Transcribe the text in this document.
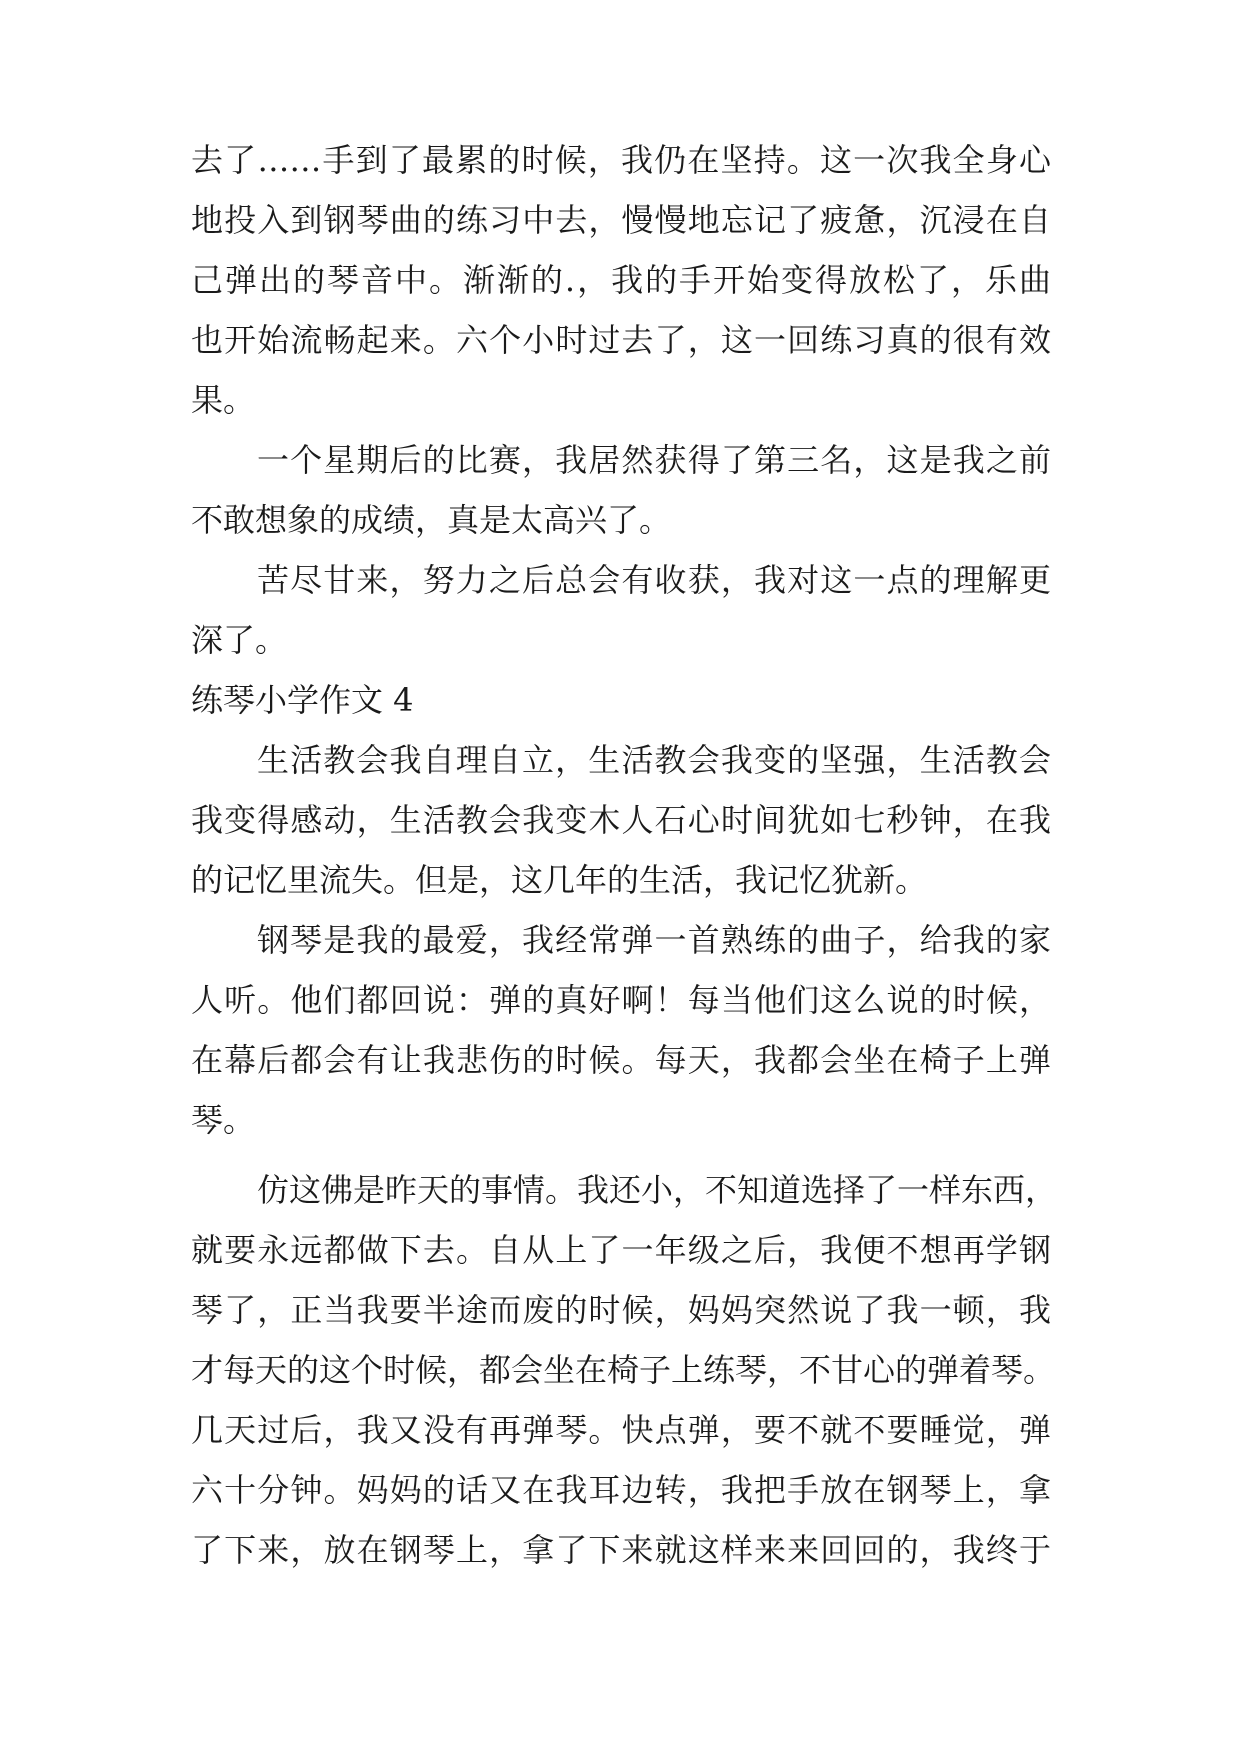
去了……手到了最累的时候，我仍在坚持。这一次我全身心
地投入到钢琴曲的练习中去，慢慢地忘记了疲惫，沉浸在自
己弹出的琴音中。渐渐的.，我的手开始变得放松了，乐曲
也开始流畅起来。六个小时过去了，这一回练习真的很有效
果。
一个星期后的比赛，我居然获得了第三名，这是我之前
不敢想象的成绩，真是太高兴了。
苦尽甘来，努力之后总会有收获，我对这一点的理解更
深了。
练琴小学作文 4
生活教会我自理自立，生活教会我变的坚强，生活教会
我变得感动，生活教会我变木人石心时间犹如七秒钟，在我
的记忆里流失。但是，这几年的生活，我记忆犹新。
钢琴是我的最爱，我经常弹一首熟练的曲子，给我的家
人听。他们都回说：弹的真好啊！每当他们这么说的时候，
在幕后都会有让我悲伤的时候。每天，我都会坐在椅子上弹
琴。
仿这佛是昨天的事情。我还小，不知道选择了一样东西，
就要永远都做下去。自从上了一年级之后，我便不想再学钢
琴了，正当我要半途而废的时候，妈妈突然说了我一顿，我
才每天的这个时候，都会坐在椅子上练琴，不甘心的弹着琴。
几天过后，我又没有再弹琴。快点弹，要不就不要睡觉，弹
六十分钟。妈妈的话又在我耳边转，我把手放在钢琴上，拿
了下来，放在钢琴上，拿了下来就这样来来回回的，我终于
